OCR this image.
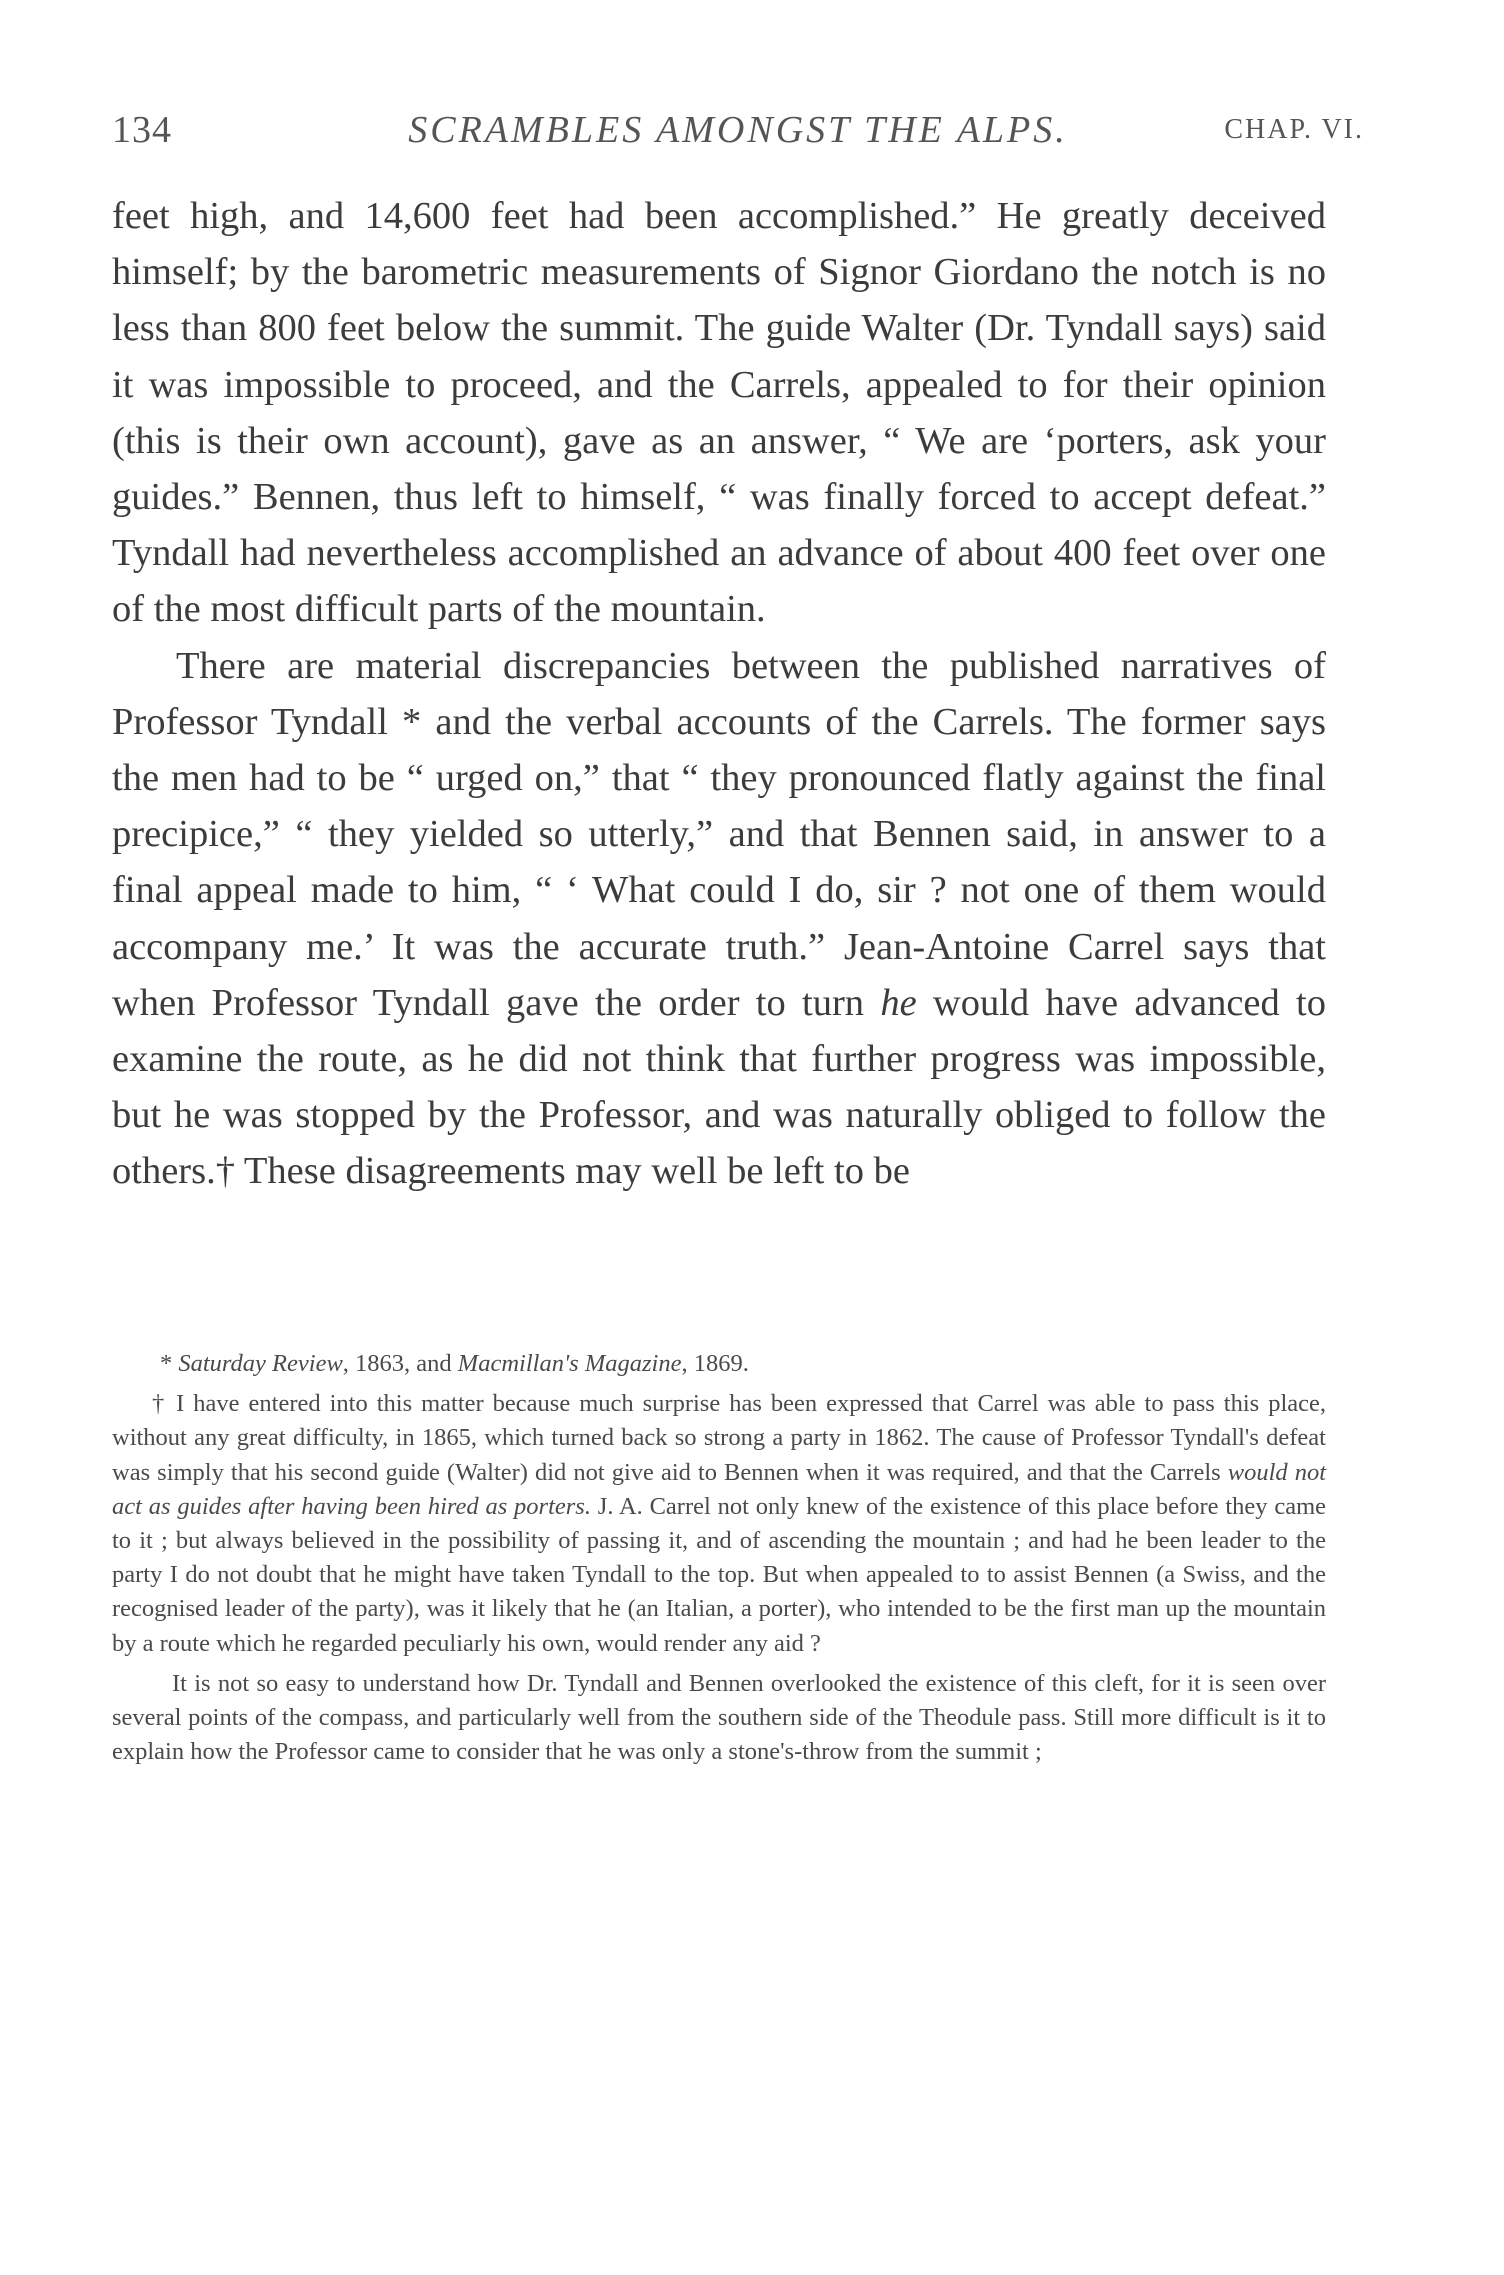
134	SCRAMBLES AMONGST THE ALPS.	CHAP. VI.

feet high, and 14,600 feet had been accomplished.” He greatly deceived himself; by the barometric measurements of Signor Giordano the notch is no less than 800 feet below the summit. The guide Walter (Dr. Tyndall says) said it was impossible to proceed, and the Carrels, appealed to for their opinion (this is their own account), gave as an answer, “ We are ‘porters, ask your guides.” Bennen, thus left to himself, “ was finally forced to accept defeat.” Tyndall had nevertheless accomplished an advance of about 400 feet over one of the most difficult parts of the mountain.

There are material discrepancies between the published narratives of Professor Tyndall * and the verbal accounts of the Carrels. The former says the men had to be “ urged on,” that “ they pronounced flatly against the final precipice,” “ they yielded so utterly,” and that Bennen said, in answer to a final appeal made to him, “ ‘ What could I do, sir ? not one of them would accompany me.’ It was the accurate truth.” Jean-Antoine Carrel says that when Professor Tyndall gave the order to turn he would have advanced to examine the route, as he did not think that further progress was impossible, but he was stopped by the Professor, and was naturally obliged to follow the others.† These disagreements may well be left to be

* Saturday Review, 1863, and Macmillan's Magazine, 1869.

† I have entered into this matter because much surprise has been expressed that Carrel was able to pass this place, without any great difficulty, in 1865, which turned back so strong a party in 1862. The cause of Professor Tyndall's defeat was simply that his second guide (Walter) did not give aid to Bennen when it was required, and that the Carrels would not act as guides after having been hired as porters. J. A. Carrel not only knew of the existence of this place before they came to it ; but always believed in the possibility of passing it, and of ascending the mountain ; and had he been leader to the party I do not doubt that he might have taken Tyndall to the top. But when appealed to to assist Bennen (a Swiss, and the recognised leader of the party), was it likely that he (an Italian, a porter), who intended to be the first man up the mountain by a route which he regarded peculiarly his own, would render any aid ?

It is not so easy to understand how Dr. Tyndall and Bennen overlooked the existence of this cleft, for it is seen over several points of the compass, and particularly well from the southern side of the Theodule pass. Still more difficult is it to explain how the Professor came to consider that he was only a stone's-throw from the summit ;
